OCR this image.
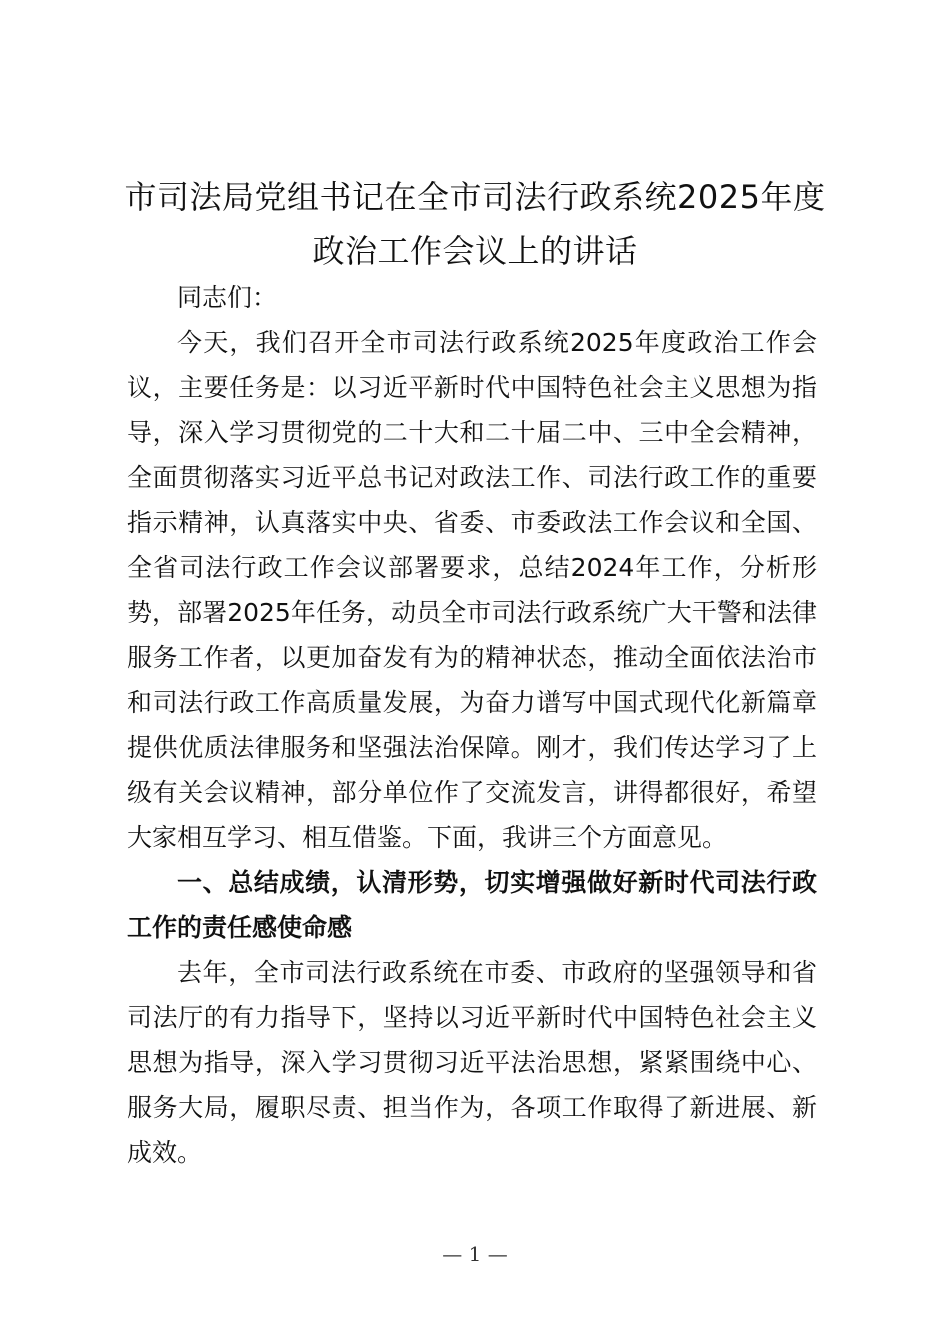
市司法局党组书记在全市司法行政系统2025年度政治工作会议上的讲话

同志们：

今天，我们召开全市司法行政系统2025年度政治工作会议，主要任务是：以习近平新时代中国特色社会主义思想为指导，深入学习贯彻党的二十大和二十届二中、三中全会精神，全面贯彻落实习近平总书记对政法工作、司法行政工作的重要指示精神，认真落实中央、省委、市委政法工作会议和全国、全省司法行政工作会议部署要求，总结2024年工作，分析形势，部署2025年任务，动员全市司法行政系统广大干警和法律服务工作者，以更加奋发有为的精神状态，推动全面依法治市和司法行政工作高质量发展，为奋力谱写中国式现代化新篇章提供优质法律服务和坚强法治保障。刚才，我们传达学习了上级有关会议精神，部分单位作了交流发言，讲得都很好，希望大家相互学习、相互借鉴。下面，我讲三个方面意见。

一、总结成绩，认清形势，切实增强做好新时代司法行政工作的责任感使命感

去年，全市司法行政系统在市委、市政府的坚强领导和省司法厅的有力指导下，坚持以习近平新时代中国特色社会主义思想为指导，深入学习贯彻习近平法治思想，紧紧围绕中心、服务大局，履职尽责、担当作为，各项工作取得了新进展、新成效。

— 1 —
